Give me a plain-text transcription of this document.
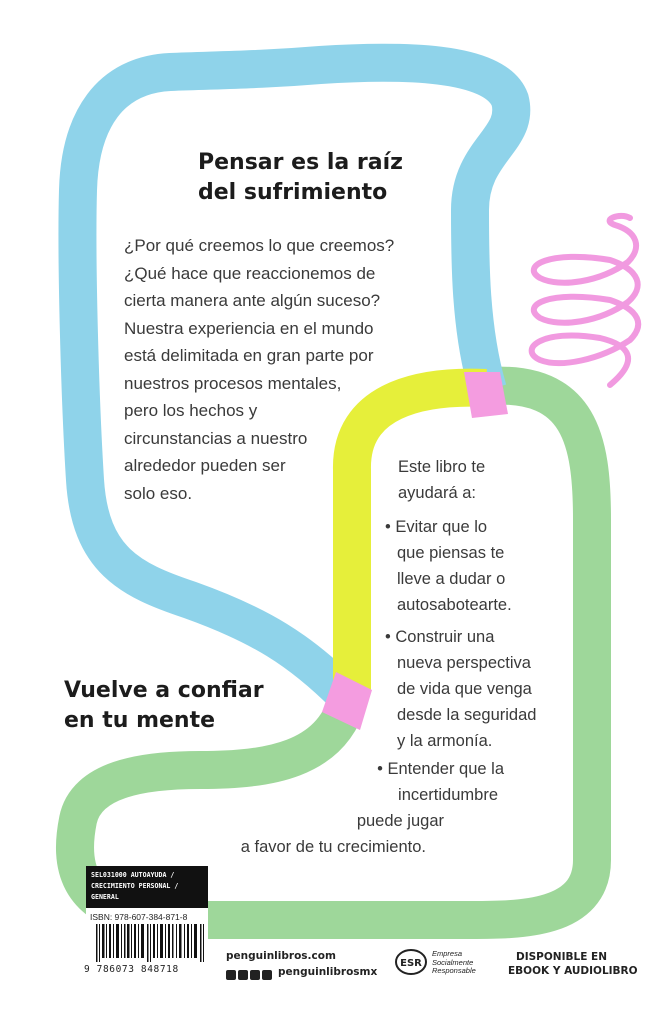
Pensar es la raíz
del sufrimiento
¿Por qué creemos lo que creemos?
¿Qué hace que reaccionemos de
cierta manera ante algún suceso?
Nuestra experiencia en el mundo
está delimitada en gran parte por
nuestros procesos mentales,
pero los hechos y
circunstancias a nuestro
alrededor pueden ser
solo eso.
Este libro te
ayudará a:
• Evitar que lo
que piensas te
lleve a dudar o
autosabotearte.
• Construir una
nueva perspectiva
de vida que venga
desde la seguridad
y la armonía.
• Entender que la
incertidumbre
puede jugar
a favor de tu crecimiento.
Vuelve a confiar
en tu mente
SEL031000 AUTOAYUDA /
CRECIMIENTO PERSONAL / GENERAL
ISBN: 978-607-384-871-8
9 786073 848718
penguinlibros.com
penguinlibrosmx
ESR
Empresa
Socialmente
Responsable
DISPONIBLE EN
EBOOK Y AUDIOLIBRO
